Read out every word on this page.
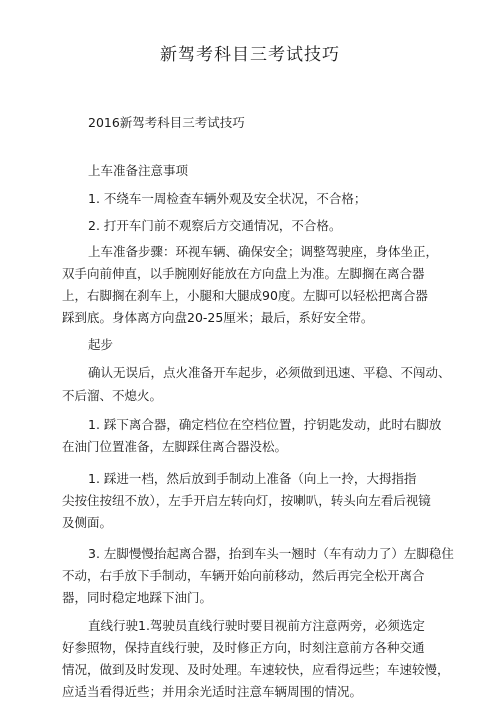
新驾考科目三考试技巧

2016新驾考科目三考试技巧

上车准备注意事项

1. 不绕车一周检查车辆外观及安全状况，不合格；

2. 打开车门前不观察后方交通情况，不合格。

上车准备步骤：环视车辆、确保安全；调整驾驶座，身体坐正，

双手向前伸直，以手腕刚好能放在方向盘上为准。左脚搁在离合器

上，右脚搁在刹车上，小腿和大腿成90度。左脚可以轻松把离合器

踩到底。身体离方向盘20-25厘米；最后，系好安全带。

起步

确认无误后，点火准备开车起步，必须做到迅速、平稳、不闯动、

不后溜、不熄火。

1. 踩下离合器，确定档位在空档位置，拧钥匙发动，此时右脚放

在油门位置准备，左脚踩住离合器没松。

1. 踩进一档，然后放到手制动上准备（向上一拎，大拇指指

尖按住按纽不放），左手开启左转向灯，按喇叭，转头向左看后视镜

及侧面。

3. 左脚慢慢抬起离合器，抬到车头一翘时（车有动力了）左脚稳住

不动，右手放下手制动，车辆开始向前移动，然后再完全松开离合

器，同时稳定地踩下油门。

直线行驶1.驾驶员直线行驶时要目视前方注意两旁，必须选定

好参照物，保持直线行驶，及时修正方向，时刻注意前方各种交通

情况，做到及时发现、及时处理。车速较快，应看得远些；车速较慢，

应适当看得近些；并用余光适时注意车辆周围的情况。
